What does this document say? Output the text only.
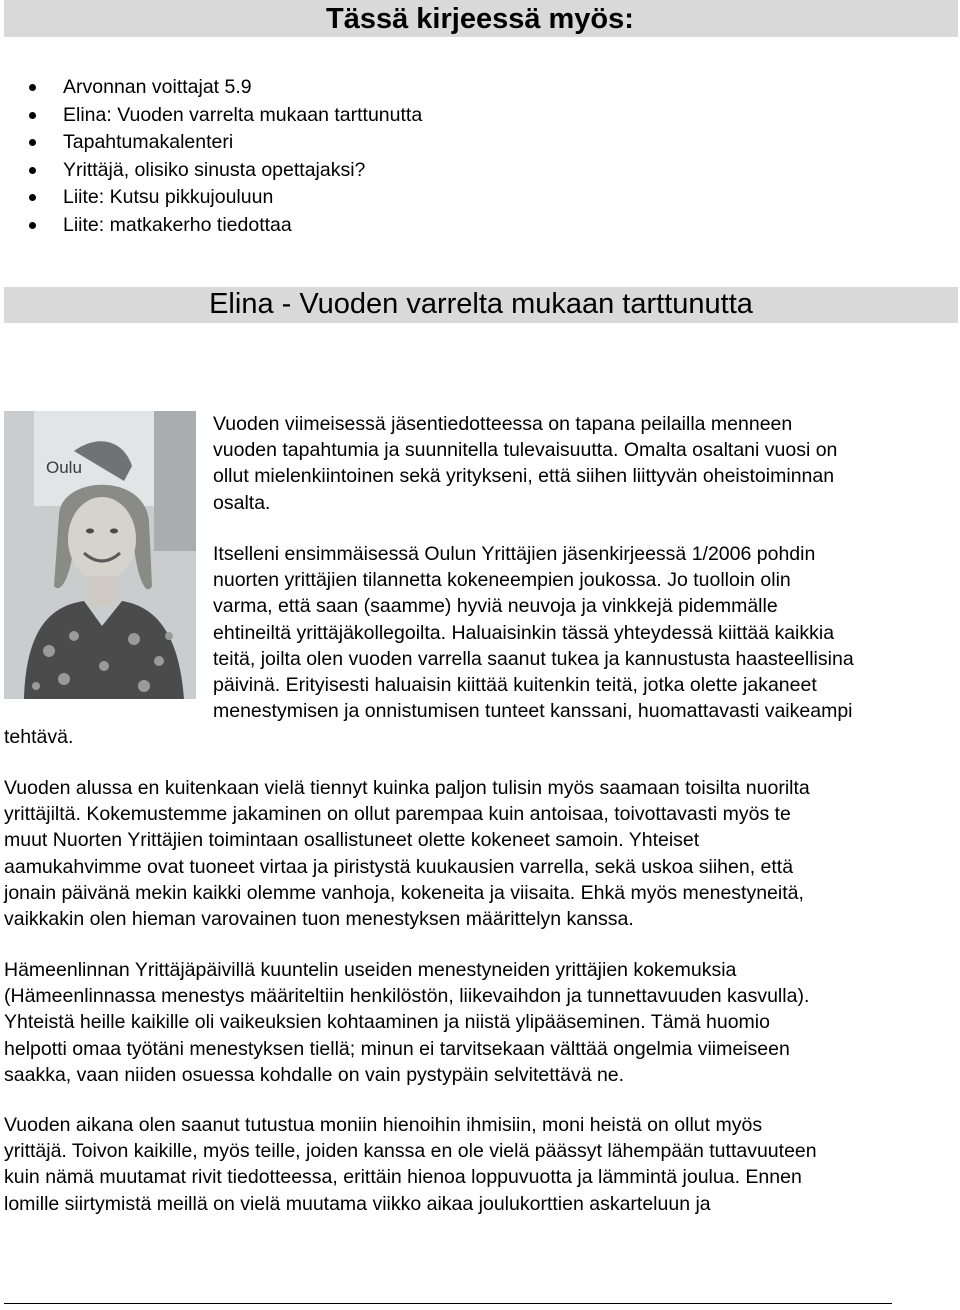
Tässä kirjeessä myös:
Arvonnan voittajat 5.9
Elina: Vuoden varrelta mukaan tarttunutta
Tapahtumakalenteri
Yrittäjä, olisiko sinusta opettajaksi?
Liite: Kutsu pikkujouluun
Liite: matkakerho tiedottaa
Elina - Vuoden varrelta mukaan tarttunutta
Oulu
Vuoden viimeisessä jäsentiedotteessa on tapana peilailla menneen
vuoden tapahtumia ja suunnitella tulevaisuutta. Omalta osaltani vuosi on
ollut mielenkiintoinen sekä yritykseni, että siihen liittyvän oheistoiminnan
osalta.
Itselleni ensimmäisessä Oulun Yrittäjien jäsenkirjeessä 1/2006 pohdin
nuorten yrittäjien tilannetta kokeneempien joukossa. Jo tuolloin olin
varma, että saan (saamme) hyviä neuvoja ja vinkkejä pidemmälle
ehtineiltä yrittäjäkollegoilta. Haluaisinkin tässä yhteydessä kiittää kaikkia
teitä, joilta olen vuoden varrella saanut tukea ja kannustusta haasteellisina
päivinä. Erityisesti haluaisin kiittää kuitenkin teitä, jotka olette jakaneet
menestymisen ja onnistumisen tunteet kanssani, huomattavasti vaikeampi
tehtävä.
Vuoden alussa en kuitenkaan vielä tiennyt kuinka paljon tulisin myös saamaan toisilta nuorilta
yrittäjiltä. Kokemustemme jakaminen on ollut parempaa kuin antoisaa, toivottavasti myös te
muut Nuorten Yrittäjien toimintaan osallistuneet olette kokeneet samoin. Yhteiset
aamukahvimme ovat tuoneet virtaa ja piristystä kuukausien varrella, sekä uskoa siihen, että
jonain päivänä mekin kaikki olemme vanhoja, kokeneita ja viisaita. Ehkä myös menestyneitä,
vaikkakin olen hieman varovainen tuon menestyksen määrittelyn kanssa.
Hämeenlinnan Yrittäjäpäivillä kuuntelin useiden menestyneiden yrittäjien kokemuksia
(Hämeenlinnassa menestys määriteltiin henkilöstön, liikevaihdon ja tunnettavuuden kasvulla).
Yhteistä heille kaikille oli vaikeuksien kohtaaminen ja niistä ylipääseminen. Tämä huomio
helpotti omaa työtäni menestyksen tiellä; minun ei tarvitsekaan välttää ongelmia viimeiseen
saakka, vaan niiden osuessa kohdalle on vain pystypäin selvitettävä ne.
Vuoden aikana olen saanut tutustua moniin hienoihin ihmisiin, moni heistä on ollut myös
yrittäjä. Toivon kaikille, myös teille, joiden kanssa en ole vielä päässyt lähempään tuttavuuteen
kuin nämä muutamat rivit tiedotteessa, erittäin hienoa loppuvuotta ja lämmintä joulua. Ennen
lomille siirtymistä meillä on vielä muutama viikko aikaa joulukorttien askarteluun ja
